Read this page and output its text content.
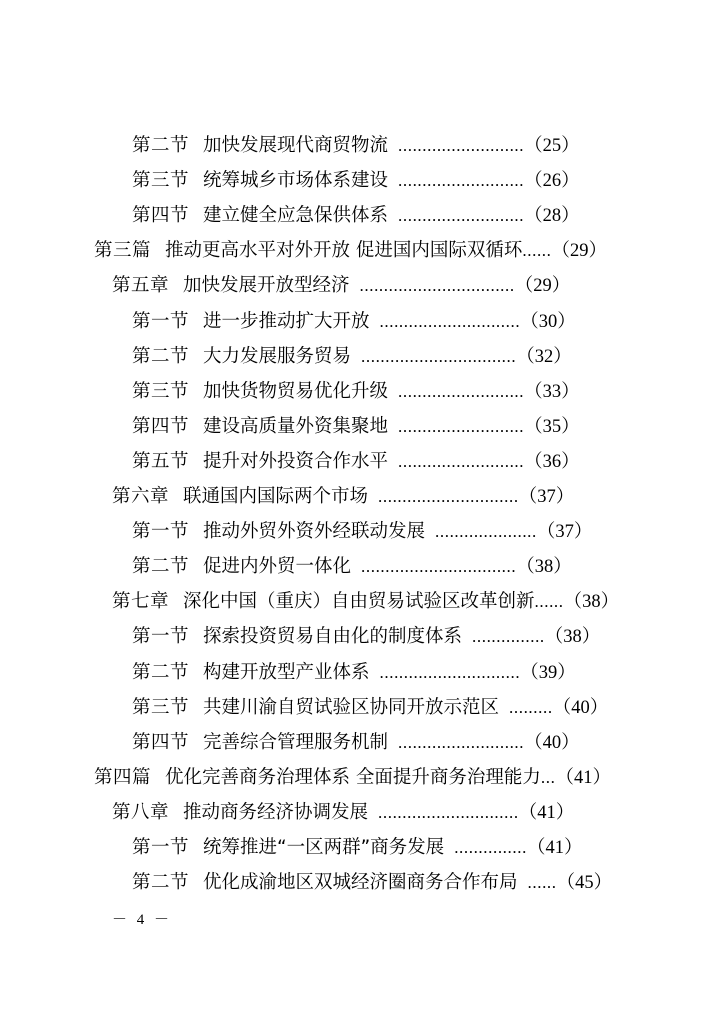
第二节 加快发展现代商贸物流 ..........................（25）
第三节 统筹城乡市场体系建设 ..........................（26）
第四节 建立健全应急保供体系 ..........................（28）
第三篇 推动更高水平对外开放 促进国内国际双循环......（29）
第五章 加快发展开放型经济 ................................（29）
第一节 进一步推动扩大开放 .............................（30）
第二节 大力发展服务贸易 ................................（32）
第三节 加快货物贸易优化升级 ..........................（33）
第四节 建设高质量外资集聚地 ..........................（35）
第五节 提升对外投资合作水平 ..........................（36）
第六章 联通国内国际两个市场 .............................（37）
第一节 推动外贸外资外经联动发展 .....................（37）
第二节 促进内外贸一体化 ................................（38）
第七章 深化中国（重庆）自由贸易试验区改革创新......（38）
第一节 探索投资贸易自由化的制度体系 ...............（38）
第二节 构建开放型产业体系 .............................（39）
第三节 共建川渝自贸试验区协同开放示范区 .........（40）
第四节 完善综合管理服务机制 ..........................（40）
第四篇 优化完善商务治理体系 全面提升商务治理能力...（41）
第八章 推动商务经济协调发展 .............................（41）
第一节 统筹推进“一区两群”商务发展 ...............（41）
第二节 优化成渝地区双城经济圈商务合作布局 ......（45）
－ 4 －
